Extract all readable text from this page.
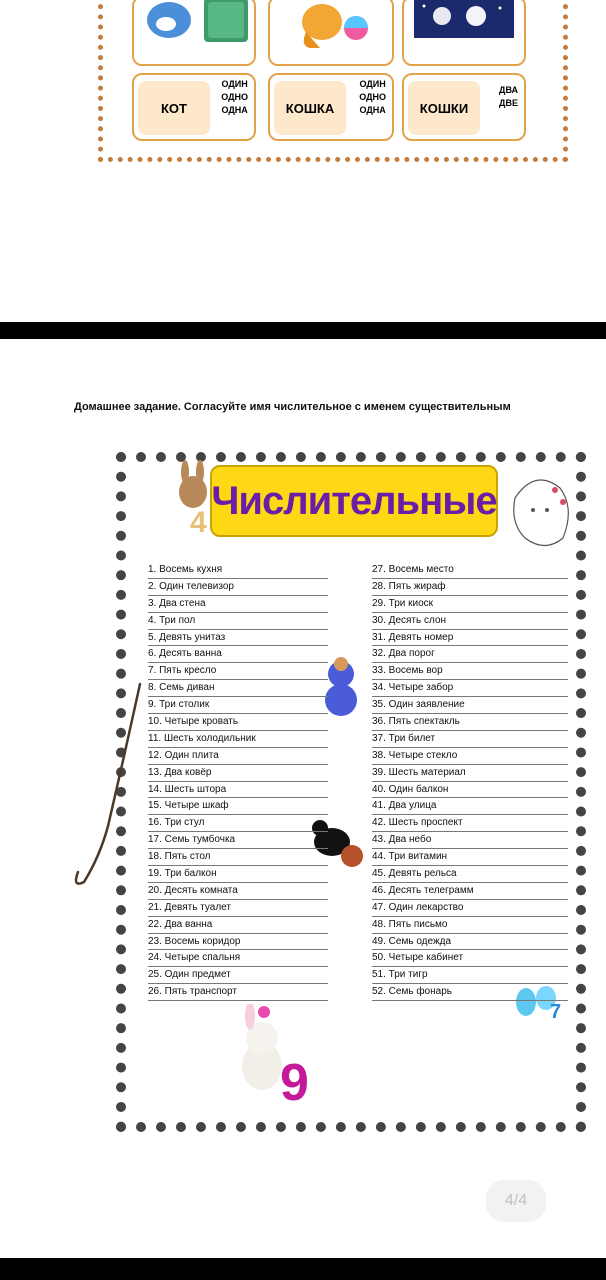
КОТ
ОДИН
ОДНО
ОДНА	КОШКА
ОДИН
ОДНО
ОДНА	КОШКИ
ДВА
ДВЕ
Домашнее задание. Согласуйте имя числительное с именем существительным
Числительные
4
7
9
1. Восемь кухня
2. Один телевизор
3. Два стена
4. Три пол
5. Девять унитаз
6. Десять ванна
7. Пять кресло
8. Семь диван
9. Три столик
10. Четыре кровать
11. Шесть холодильник
12. Один плита
13. Два ковёр
14. Шесть штора
15. Четыре шкаф
16. Три стул
17. Семь тумбочка
18. Пять стол
19. Три балкон
20. Десять комната
21. Девять туалет
22. Два ванна
23. Восемь коридор
24. Четыре спальня
25. Один предмет
26. Пять транспорт
27. Восемь место
28. Пять жираф
29. Три киоск
30. Десять слон
31. Девять номер
32. Два порог
33. Восемь вор
34. Четыре забор
35. Один заявление
36. Пять спектакль
37. Три билет
38. Четыре стекло
39. Шесть материал
40. Один балкон
41. Два улица
42. Шесть проспект
43. Два небо
44. Три витамин
45. Девять рельса
46. Десять телеграмм
47. Один лекарство
48. Пять письмо
49. Семь одежда
50. Четыре кабинет
51. Три тигр
52. Семь фонарь
4/4
